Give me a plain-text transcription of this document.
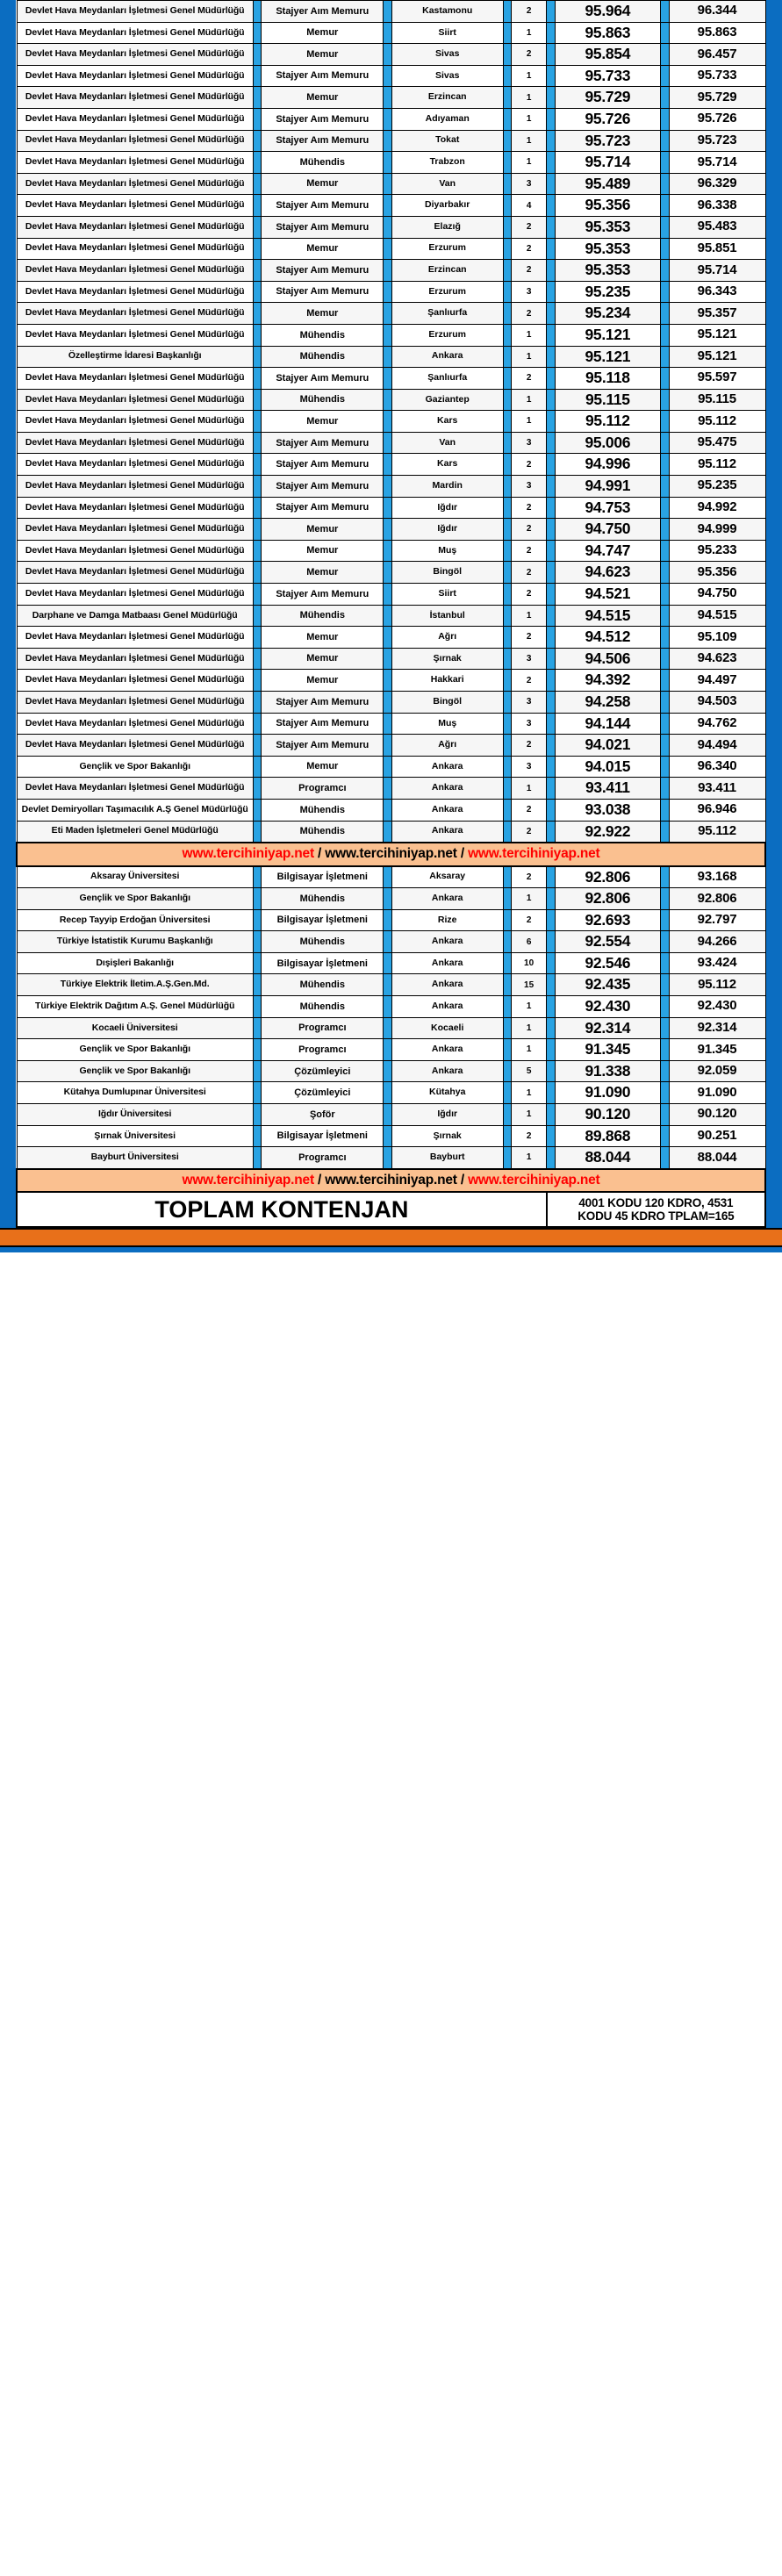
Devlet Hava Meydanları İşletmesi Genel Müdürlüğü		Stajyer Aım Memuru		Kastamonu		2		95.964		96.344
Devlet Hava Meydanları İşletmesi Genel Müdürlüğü		Memur		Siirt		1		95.863		95.863
Devlet Hava Meydanları İşletmesi Genel Müdürlüğü		Memur		Sivas		2		95.854		96.457
Devlet Hava Meydanları İşletmesi Genel Müdürlüğü		Stajyer Aım Memuru		Sivas		1		95.733		95.733
Devlet Hava Meydanları İşletmesi Genel Müdürlüğü		Memur		Erzincan		1		95.729		95.729
Devlet Hava Meydanları İşletmesi Genel Müdürlüğü		Stajyer Aım Memuru		Adıyaman		1		95.726		95.726
Devlet Hava Meydanları İşletmesi Genel Müdürlüğü		Stajyer Aım Memuru		Tokat		1		95.723		95.723
Devlet Hava Meydanları İşletmesi Genel Müdürlüğü		Mühendis		Trabzon		1		95.714		95.714
Devlet Hava Meydanları İşletmesi Genel Müdürlüğü		Memur		Van		3		95.489		96.329
Devlet Hava Meydanları İşletmesi Genel Müdürlüğü		Stajyer Aım Memuru		Diyarbakır		4		95.356		96.338
Devlet Hava Meydanları İşletmesi Genel Müdürlüğü		Stajyer Aım Memuru		Elazığ		2		95.353		95.483
Devlet Hava Meydanları İşletmesi Genel Müdürlüğü		Memur		Erzurum		2		95.353		95.851
Devlet Hava Meydanları İşletmesi Genel Müdürlüğü		Stajyer Aım Memuru		Erzincan		2		95.353		95.714
Devlet Hava Meydanları İşletmesi Genel Müdürlüğü		Stajyer Aım Memuru		Erzurum		3		95.235		96.343
Devlet Hava Meydanları İşletmesi Genel Müdürlüğü		Memur		Şanlıurfa		2		95.234		95.357
Devlet Hava Meydanları İşletmesi Genel Müdürlüğü		Mühendis		Erzurum		1		95.121		95.121
Özelleştirme İdaresi Başkanlığı		Mühendis		Ankara		1		95.121		95.121
Devlet Hava Meydanları İşletmesi Genel Müdürlüğü		Stajyer Aım Memuru		Şanlıurfa		2		95.118		95.597
Devlet Hava Meydanları İşletmesi Genel Müdürlüğü		Mühendis		Gaziantep		1		95.115		95.115
Devlet Hava Meydanları İşletmesi Genel Müdürlüğü		Memur		Kars		1		95.112		95.112
Devlet Hava Meydanları İşletmesi Genel Müdürlüğü		Stajyer Aım Memuru		Van		3		95.006		95.475
Devlet Hava Meydanları İşletmesi Genel Müdürlüğü		Stajyer Aım Memuru		Kars		2		94.996		95.112
Devlet Hava Meydanları İşletmesi Genel Müdürlüğü		Stajyer Aım Memuru		Mardin		3		94.991		95.235
Devlet Hava Meydanları İşletmesi Genel Müdürlüğü		Stajyer Aım Memuru		Iğdır		2		94.753		94.992
Devlet Hava Meydanları İşletmesi Genel Müdürlüğü		Memur		Iğdır		2		94.750		94.999
Devlet Hava Meydanları İşletmesi Genel Müdürlüğü		Memur		Muş		2		94.747		95.233
Devlet Hava Meydanları İşletmesi Genel Müdürlüğü		Memur		Bingöl		2		94.623		95.356
Devlet Hava Meydanları İşletmesi Genel Müdürlüğü		Stajyer Aım Memuru		Siirt		2		94.521		94.750
Darphane ve Damga Matbaası Genel Müdürlüğü		Mühendis		İstanbul		1		94.515		94.515
Devlet Hava Meydanları İşletmesi Genel Müdürlüğü		Memur		Ağrı		2		94.512		95.109
Devlet Hava Meydanları İşletmesi Genel Müdürlüğü		Memur		Şırnak		3		94.506		94.623
Devlet Hava Meydanları İşletmesi Genel Müdürlüğü		Memur		Hakkari		2		94.392		94.497
Devlet Hava Meydanları İşletmesi Genel Müdürlüğü		Stajyer Aım Memuru		Bingöl		3		94.258		94.503
Devlet Hava Meydanları İşletmesi Genel Müdürlüğü		Stajyer Aım Memuru		Muş		3		94.144		94.762
Devlet Hava Meydanları İşletmesi Genel Müdürlüğü		Stajyer Aım Memuru		Ağrı		2		94.021		94.494
Gençlik ve Spor Bakanlığı		Memur		Ankara		3		94.015		96.340
Devlet Hava Meydanları İşletmesi Genel Müdürlüğü		Programcı		Ankara		1		93.411		93.411
Devlet Demiryolları Taşımacılık A.Ş Genel Müdürlüğü		Mühendis		Ankara		2		93.038		96.946
Eti Maden İşletmeleri Genel Müdürlüğü		Mühendis		Ankara		2		92.922		95.112

www.tercihiniyap.net / www.tercihiniyap.net / www.tercihiniyap.net										

Aksaray Üniversitesi		Bilgisayar İşletmeni		Aksaray		2		92.806		93.168
Gençlik ve Spor Bakanlığı		Mühendis		Ankara		1		92.806		92.806
Recep Tayyip Erdoğan Üniversitesi		Bilgisayar İşletmeni		Rize		2		92.693		92.797
Türkiye İstatistik Kurumu Başkanlığı		Mühendis		Ankara		6		92.554		94.266
Dışişleri Bakanlığı		Bilgisayar İşletmeni		Ankara		10		92.546		93.424
Türkiye Elektrik İletim.A.Ş.Gen.Md.		Mühendis		Ankara		15		92.435		95.112
Türkiye Elektrik Dağıtım A.Ş. Genel Müdürlüğü		Mühendis		Ankara		1		92.430		92.430
Kocaeli Üniversitesi		Programcı		Kocaeli		1		92.314		92.314
Gençlik ve Spor Bakanlığı		Programcı		Ankara		1		91.345		91.345
Gençlik ve Spor Bakanlığı		Çözümleyici		Ankara		5		91.338		92.059
Kütahya Dumlupınar Üniversitesi		Çözümleyici		Kütahya		1		91.090		91.090
Iğdır Üniversitesi		Şoför		Iğdır		1		90.120		90.120
Şırnak Üniversitesi		Bilgisayar İşletmeni		Şırnak		2		89.868		90.251
Bayburt Üniversitesi		Programcı		Bayburt		1		88.044		88.044

www.tercihiniyap.net / www.tercihiniyap.net / www.tercihiniyap.net										

TOPLAM KONTENJAN							4001 KODU 120 KDRO, 4531
KODU 45 KDRO TPLAM=165			
